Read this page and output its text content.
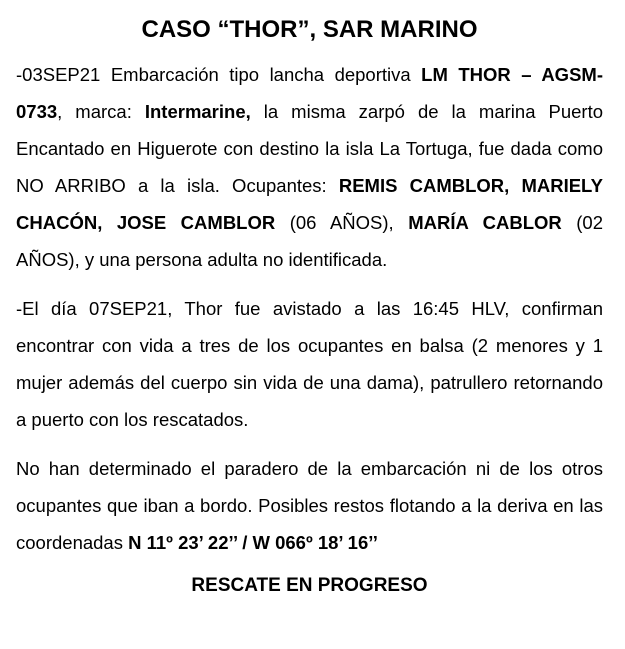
CASO “THOR”, SAR MARINO

-03SEP21 Embarcación tipo lancha deportiva LM THOR – AGSM-0733, marca: Intermarine, la misma zarpó de la marina Puerto Encantado en Higuerote con destino la isla La Tortuga, fue dada como NO ARRIBO a la isla. Ocupantes: REMIS CAMBLOR, MARIELY CHACÓN, JOSE CAMBLOR (06 AÑOS), MARÍA CABLOR (02 AÑOS), y una persona adulta no identificada.

-El día 07SEP21, Thor fue avistado a las 16:45 HLV, confirman encontrar con vida a tres de los ocupantes en balsa (2 menores y 1 mujer además del cuerpo sin vida de una dama), patrullero retornando a puerto con los rescatados.

No han determinado el paradero de la embarcación ni de los otros ocupantes que iban a bordo. Posibles restos flotando a la deriva en las coordenadas N 11º 23’ 22’’ / W 066º 18’ 16’’

RESCATE EN PROGRESO
